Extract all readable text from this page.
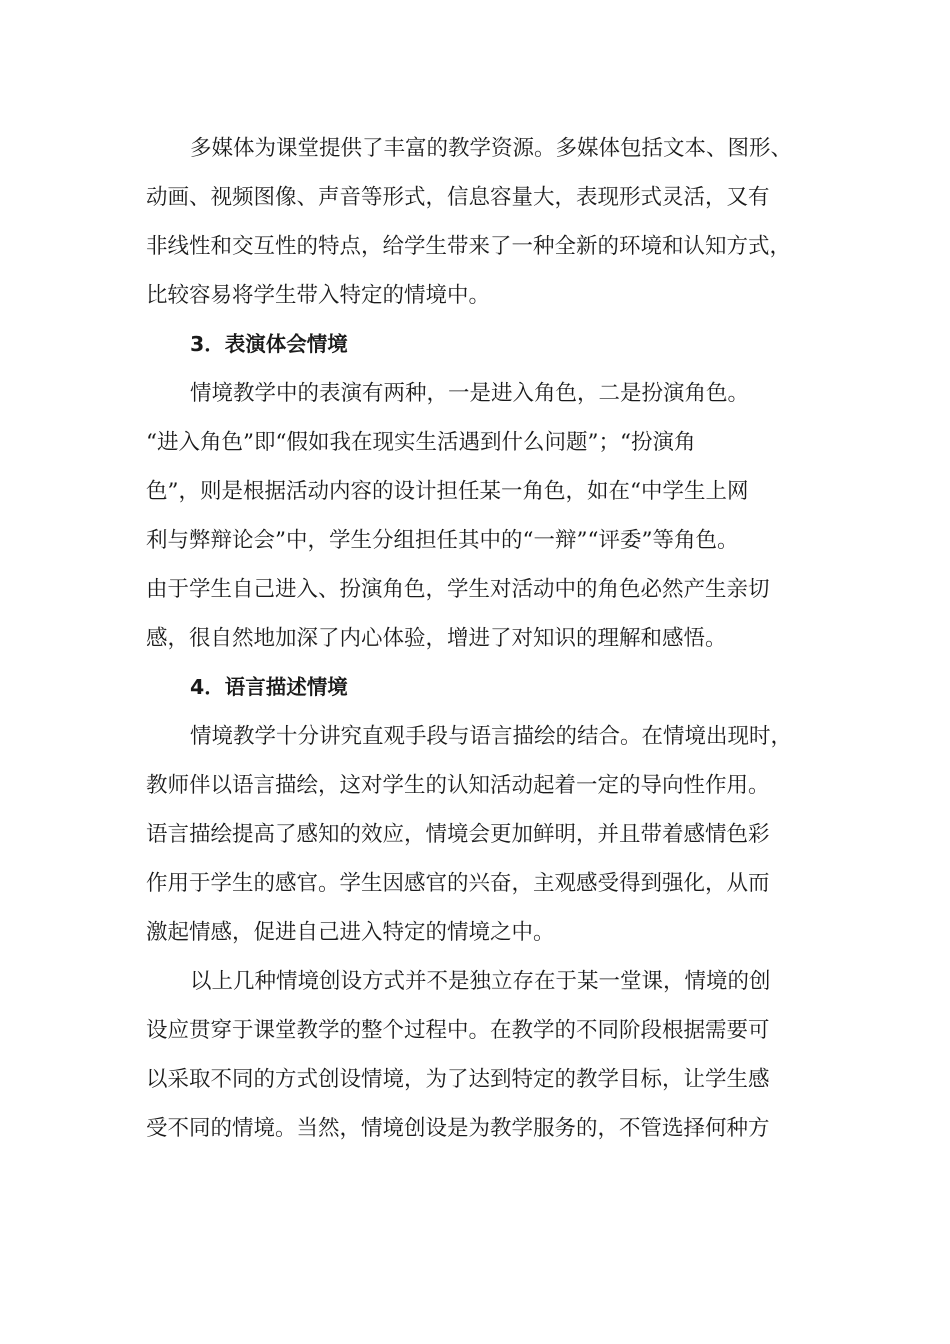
多媒体为课堂提供了丰富的教学资源。多媒体包括文本、图形、
动画、视频图像、声音等形式，信息容量大，表现形式灵活，又有
非线性和交互性的特点，给学生带来了一种全新的环境和认知方式，
比较容易将学生带入特定的情境中。
3．表演体会情境
情境教学中的表演有两种，一是进入角色，二是扮演角色。
“进入角色”即“假如我在现实生活遇到什么问题”；“扮演角
色”，则是根据活动内容的设计担任某一角色，如在“中学生上网
利与弊辩论会”中，学生分组担任其中的“一辩”“评委”等角色。
由于学生自己进入、扮演角色，学生对活动中的角色必然产生亲切
感，很自然地加深了内心体验，增进了对知识的理解和感悟。
4．语言描述情境
情境教学十分讲究直观手段与语言描绘的结合。在情境出现时，
教师伴以语言描绘，这对学生的认知活动起着一定的导向性作用。
语言描绘提高了感知的效应，情境会更加鲜明，并且带着感情色彩
作用于学生的感官。学生因感官的兴奋，主观感受得到强化，从而
激起情感，促进自己进入特定的情境之中。
以上几种情境创设方式并不是独立存在于某一堂课，情境的创
设应贯穿于课堂教学的整个过程中。在教学的不同阶段根据需要可
以采取不同的方式创设情境，为了达到特定的教学目标，让学生感
受不同的情境。当然，情境创设是为教学服务的，不管选择何种方
